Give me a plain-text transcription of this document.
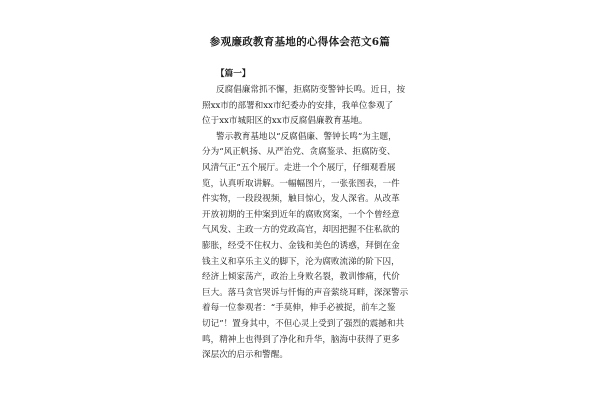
参观廉政教育基地的心得体会范文6篇
【篇一】
反腐倡廉常抓不懈，拒腐防变警钟长鸣。近日，按
照xx市的部署和xx市纪委办的安排，我单位参观了
位于xx市城阳区的xx市反腐倡廉教育基地。
警示教育基地以“反腐倡廉、警钟长鸣”为主题，
分为“风正帆扬、从严治党、贪腐鉴录、拒腐防变、
风清气正”五个展厅。走进一个个展厅，仔细观看展
览，认真听取讲解。一幅幅图片，一张张图表，一件
件实物，一段段视频，触目惊心，发人深省。从改革
开放初期的王仲案到近年的腐败窝案，一个个曾经意
气风发、主政一方的党政高官，却因把握不住私欲的
膨胀，经受不住权力、金钱和美色的诱惑，拜倒在金
钱主义和享乐主义的脚下，沦为腐败流涕的阶下囚，
经济上倾家荡产，政治上身败名裂，教训惨痛，代价
巨大。落马贪官哭诉与忏悔的声音萦绕耳畔，深深警示
着每一位参观者：“手莫伸，伸手必被捉，前车之鉴
切记”！置身其中，不但心灵上受到了强烈的震撼和共
鸣，精神上也得到了净化和升华，脑海中获得了更多
深层次的启示和警醒。
